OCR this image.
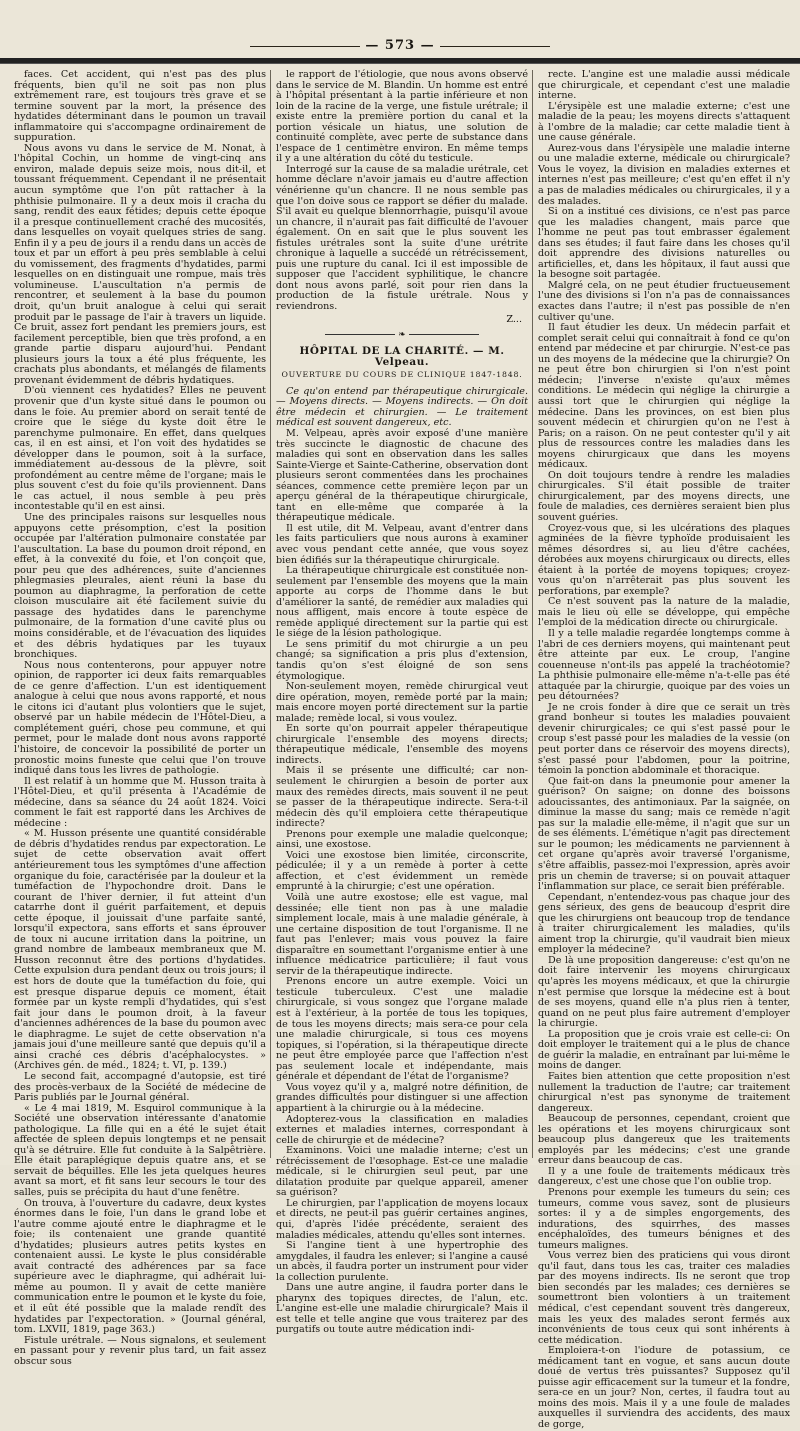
— 573 —

faces. Cet accident, qui n'est pas des plus fréquents, bien qu'il ne soit pas non plus extrêmement rare, est toujours très grave et se termine souvent par la mort, la présence des hydatides déterminant dans le poumon un travail inflammatoire qui s'accompagne ordinairement de suppuration.

Nous avons vu dans le service de M. Nonat, à l'hôpital Cochin, un homme de vingt-cinq ans environ, malade depuis seize mois, nous dit-il, et toussant fréquemment. Cependant il ne présentait aucun symptôme que l'on pût rattacher à la phthisie pulmonaire. Il y a deux mois il cracha du sang, rendit des eaux fétides; depuis cette époque il a presque continuellement craché des mucosités, dans lesquelles on voyait quelques stries de sang. Enfin il y a peu de jours il a rendu dans un accès de toux et par un effort à peu près semblable à celui du vomissement, des fragments d'hydatides, parmi lesquelles on en distinguait une rompue, mais très volumineuse. L'auscultation n'a permis de rencontrer, et seulement à la base du poumon droit, qu'un bruit analogue à celui qui serait produit par le passage de l'air à travers un liquide. Ce bruit, assez fort pendant les premiers jours, est facilement perceptible, bien que très profond, a en grande partie disparu aujourd'hui. Pendant plusieurs jours la toux a été plus fréquente, les crachats plus abondants, et mélangés de filaments provenant évidemment de débris hydatiques.

D'où viennent ces hydatides? Elles ne peuvent provenir que d'un kyste situé dans le poumon ou dans le foie. Au premier abord on serait tenté de croire que le siége du kyste doit être le parenchyme pulmonaire. En effet, dans quelques cas, il en est ainsi, et l'on voit des hydatides se développer dans le poumon, soit à la surface, immédiatement au-dessous de la plèvre, soit profondément au centre même de l'organe; mais le plus souvent c'est du foie qu'ils proviennent. Dans le cas actuel, il nous semble à peu près incontestable qu'il en est ainsi.

Une des principales raisons sur lesquelles nous appuyons cette présomption, c'est la position occupée par l'altération pulmonaire constatée par l'auscultation. La base du poumon droit répond, en effet, à la convexité du foie, et l'on conçoit que, pour peu que des adhérences, suite d'anciennes phlegmasies pleurales, aient réuni la base du poumon au diaphragme, la perforation de cette cloison musculaire ait été facilement suivie du passage des hydatides dans le parenchyme pulmonaire, de la formation d'une cavité plus ou moins considérable, et de l'évacuation des liquides et des débris hydatiques par les tuyaux bronchiques.

Nous nous contenterons, pour appuyer notre opinion, de rapporter ici deux faits remarquables de ce genre d'affection. L'un est identiquement analogue à celui que nous avons rapporté, et nous le citons ici d'autant plus volontiers que le sujet, observé par un habile médecin de l'Hôtel-Dieu, a complétement guéri, chose peu commune, et qui permet, pour le malade dont nous avons rapporté l'histoire, de concevoir la possibilité de porter un pronostic moins funeste que celui que l'on trouve indiqué dans tous les livres de pathologie.

Il est relatif à un homme que M. Husson traita à l'Hôtel-Dieu, et qu'il présenta à l'Académie de médecine, dans sa séance du 24 août 1824. Voici comment le fait est rapporté dans les Archives de médecine :

« M. Husson présente une quantité considérable de débris d'hydatides rendus par expectoration. Le sujet de cette observation avait offert antérieurement tous les symptômes d'une affection organique du foie, caractérisée par la douleur et la tuméfaction de l'hypochondre droit. Dans le courant de l'hiver dernier, il fut atteint d'un catarrhe dont il guérit parfaitement, et depuis cette époque, il jouissait d'une parfaite santé, lorsqu'il expectora, sans efforts et sans éprouver de toux ni aucune irritation dans la poitrine, un grand nombre de lambeaux membraneux que M. Husson reconnut être des portions d'hydatides. Cette expulsion dura pendant deux ou trois jours; il est hors de doute que la tuméfaction du foie, qui est presque disparue depuis ce moment, était formée par un kyste rempli d'hydatides, qui s'est fait jour dans le poumon droit, à la faveur d'anciennes adhérences de la base du poumon avec le diaphragme. Le sujet de cette observation n'a jamais joui d'une meilleure santé que depuis qu'il a ainsi craché ces débris d'acéphalocystes. » (Archives gén. de méd., 1824; t. VI, p. 139.)

Le second fait, accompagné d'autopsie, est tiré des procès-verbaux de la Société de médecine de Paris publiés par le Journal général.

« Le 4 mai 1819, M. Esquirol communique à la Société une observation intéressante d'anatomie pathologique. La fille qui en a été le sujet était affectée de spleen depuis longtemps et ne pensait qu'à se détruire. Elle fut conduite à la Salpêtrière. Elle était paraplégique depuis quatre ans, et se servait de béquilles. Elle les jeta quelques heures avant sa mort, et fit sans leur secours le tour des salles, puis se précipita du haut d'une fenêtre.

On trouva, à l'ouverture du cadavre, deux kystes énormes dans le foie, l'un dans le grand lobe et l'autre comme ajouté entre le diaphragme et le foie; ils contenaient une grande quantité d'hydatides; plusieurs autres petits kystes en contenaient aussi. Le kyste le plus considérable avait contracté des adhérences par sa face supérieure avec le diaphragme, qui adhérait lui-même au poumon. Il y avait de cette manière communication entre le poumon et le kyste du foie, et il eût été possible que la malade rendît des hydatides par l'expectoration. » (Journal général, tom. LXVII, 1819, page 363.)

Fistule urétrale. — Nous signalons, et seulement en passant pour y revenir plus tard, un fait assez obscur sous

le rapport de l'étiologie, que nous avons observé dans le service de M. Blandin. Un homme est entré à l'hôpital présentant à la partie inférieure et non loin de la racine de la verge, une fistule urétrale; il existe entre la première portion du canal et la portion vésicale un hiatus, une solution de continuité complète, avec perte de substance dans l'espace de 1 centimètre environ. En même temps il y a une altération du côté du testicule.

Interrogé sur la cause de sa maladie urétrale, cet homme déclare n'avoir jamais eu d'autre affection vénérienne qu'un chancre. Il ne nous semble pas que l'on doive sous ce rapport se défier du malade. S'il avait eu quelque blennorrhagie, puisqu'il avoue un chancre, il n'aurait pas fait difficulté de l'avouer également. On en sait que le plus souvent les fistules urétrales sont la suite d'une urétrite chronique à laquelle a succédé un rétrécissement, puis une rupture du canal. Ici il est impossible de supposer que l'accident syphilitique, le chancre dont nous avons parlé, soit pour rien dans la production de la fistule urétrale. Nous y reviendrons.

Z...
❧
HÔPITAL DE LA CHARITÉ. — M. Velpeau.
OUVERTURE DU COURS DE CLINIQUE 1847-1848.

Ce qu'on entend par thérapeutique chirurgicale. — Moyens directs. — Moyens indirects. — On doit être médecin et chirurgien. — Le traitement médical est souvent dangereux, etc.

M. Velpeau, après avoir exposé d'une manière très succincte le diagnostic de chacune des maladies qui sont en observation dans les salles Sainte-Vierge et Sainte-Catherine, observation dont plusieurs seront commentées dans les prochaines séances, commence cette première leçon par un aperçu général de la thérapeutique chirurgicale, tant en elle-même que comparée à la thérapeutique médicale.

Il est utile, dit M. Velpeau, avant d'entrer dans les faits particuliers que nous aurons à examiner avec vous pendant cette année, que vous soyez bien édifiés sur la thérapeutique chirurgicale.

La thérapeutique chirurgicale est constituée non-seulement par l'ensemble des moyens que la main apporte au corps de l'homme dans le but d'améliorer la santé, de remédier aux maladies qui nous affligent, mais encore à toute espèce de remède appliqué directement sur la partie qui est le siége de la lésion pathologique.

Le sens primitif du mot chirurgie a un peu changé; sa signification a pris plus d'extension, tandis qu'on s'est éloigné de son sens étymologique.

Non-seulement moyen, remède chirurgical veut dire opération, moyen, remède porté par la main; mais encore moyen porté directement sur la partie malade; remède local, si vous voulez.

En sorte qu'on pourrait appeler thérapeutique chirurgicale l'ensemble des moyens directs; thérapeutique médicale, l'ensemble des moyens indirects.

Mais il se présente une difficulté; car non-seulement le chirurgien a besoin de porter aux maux des remèdes directs, mais souvent il ne peut se passer de la thérapeutique indirecte. Sera-t-il médecin dès qu'il emploiera cette thérapeutique indirecte?

Prenons pour exemple une maladie quelconque; ainsi, une exostose.

Voici une exostose bien limitée, circonscrite, pédiculée; il y a un remède à porter à cette affection, et c'est évidemment un remède emprunté à la chirurgie; c'est une opération.

Voilà une autre exostose; elle est vague, mal dessinée; elle tient non pas à une maladie simplement locale, mais à une maladie générale, à une certaine disposition de tout l'organisme. Il ne faut pas l'enlever; mais vous pouvez la faire disparaître en soumettant l'organisme entier à une influence médicatrice particulière; il faut vous servir de la thérapeutique indirecte.

Prenons encore un autre exemple. Voici un testicule tuberculeux. C'est une maladie chirurgicale, si vous songez que l'organe malade est à l'extérieur, à la portée de tous les topiques, de tous les moyens directs; mais sera-ce pour cela une maladie chirurgicale, si tous ces moyens topiques, si l'opération, si la thérapeutique directe ne peut être employée parce que l'affection n'est pas seulement locale et indépendante, mais générale et dépendant de l'état de l'organisme?

Vous voyez qu'il y a, malgré notre définition, de grandes difficultés pour distinguer si une affection appartient à la chirurgie ou à la médecine.

Adopterez-vous la classification en maladies externes et maladies internes, correspondant à celle de chirurgie et de médecine?

Examinons. Voici une maladie interne; c'est un rétrécissement de l'œsophage. Est-ce une maladie médicale, si le chirurgien seul peut, par une dilatation produite par quelque appareil, amener sa guérison?

Le chirurgien, par l'application de moyens locaux et directs, ne peut-il pas guérir certaines angines, qui, d'après l'idée précédente, seraient des maladies médicales, attendu qu'elles sont internes.

Si l'angine tient à une hypertrophie des amygdales, il faudra les enlever; si l'angine a causé un abcès, il faudra porter un instrument pour vider la collection purulente.

Dans une autre angine, il faudra porter dans le pharynx des topiques directes, de l'alun, etc. L'angine est-elle une maladie chirurgicale? Mais il est telle et telle angine que vous traiterez par des purgatifs ou toute autre médication indi-

recte. L'angine est une maladie aussi médicale que chirurgicale, et cependant c'est une maladie interne.

L'érysipèle est une maladie externe; c'est une maladie de la peau; les moyens directs s'attaquent à l'ombre de la maladie; car cette maladie tient à une cause générale.

Aurez-vous dans l'érysipèle une maladie interne ou une maladie externe, médicale ou chirurgicale? Vous le voyez, la division en maladies externes et internes n'est pas meilleure; c'est qu'en effet il n'y a pas de maladies médicales ou chirurgicales, il y a des malades.

Si on a institué ces divisions, ce n'est pas parce que les maladies changent, mais parce que l'homme ne peut pas tout embrasser également dans ses études; il faut faire dans les choses qu'il doit apprendre des divisions naturelles ou artificielles, et, dans les hôpitaux, il faut aussi que la besogne soit partagée.

Malgré cela, on ne peut étudier fructueusement l'une des divisions si l'on n'a pas de connaissances exactes dans l'autre; il n'est pas possible de n'en cultiver qu'une.

Il faut étudier les deux. Un médecin parfait et complet serait celui qui connaîtrait à fond ce qu'on entend par médecine et par chirurgie. N'est-ce pas un des moyens de la médecine que la chirurgie? On ne peut être bon chirurgien si l'on n'est point médecin; l'inverse n'existe qu'aux mêmes conditions. Le médecin qui néglige la chirurgie a aussi tort que le chirurgien qui néglige la médecine. Dans les provinces, on est bien plus souvent médecin et chirurgien qu'on ne l'est à Paris; on a raison. On ne peut contester qu'il y ait plus de ressources contre les maladies dans les moyens chirurgicaux que dans les moyens médicaux.

On doit toujours tendre à rendre les maladies chirurgicales. S'il était possible de traiter chirurgicalement, par des moyens directs, une foule de maladies, ces dernières seraient bien plus souvent guéries.

Croyez-vous que, si les ulcérations des plaques agminées de la fièvre typhoïde produisaient les mêmes désordres si, au lieu d'être cachées, dérobées aux moyens chirurgicaux ou directs, elles étaient à la portée de moyens topiques; croyez-vous qu'on n'arrêterait pas plus souvent les perforations, par exemple?

Ce n'est souvent pas la nature de la maladie, mais le lieu où elle se développe, qui empêche l'emploi de la médication directe ou chirurgicale.

Il y a telle maladie regardée longtemps comme à l'abri de ces derniers moyens, qui maintenant peut être atteinte par eux. Le croup, l'angine couenneuse n'ont-ils pas appelé la trachéotomie? La phthisie pulmonaire elle-même n'a-t-elle pas été attaquée par la chirurgie, quoique par des voies un peu détournées?

Je ne crois fonder à dire que ce serait un très grand bonheur si toutes les maladies pouvaient devenir chirurgicales; ce qui s'est passé pour le croup s'est passé pour les maladies de la vessie (on peut porter dans ce réservoir des moyens directs), s'est passé pour l'abdomen, pour la poitrine, témoin la ponction abdominale et thoracique.

Que fait-on dans la pneumonie pour amener la guérison? On saigne; on donne des boissons adoucissantes, des antimoniaux. Par la saignée, on diminue la masse du sang; mais ce remède n'agit pas sur la maladie elle-même, il n'agit que sur un de ses éléments. L'émétique n'agit pas directement sur le poumon; les médicaments ne parviennent à cet organe qu'après avoir traversé l'organisme, s'être affaiblis, passez-moi l'expression, après avoir pris un chemin de traverse; si on pouvait attaquer l'inflammation sur place, ce serait bien préférable.

Cependant, n'entendez-vous pas chaque jour des gens sérieux, des gens de beaucoup d'esprit dire que les chirurgiens ont beaucoup trop de tendance à traiter chirurgicalement les maladies, qu'ils aiment trop la chirurgie, qu'il vaudrait bien mieux employer la médecine?

De là une proposition dangereuse: c'est qu'on ne doit faire intervenir les moyens chirurgicaux qu'après les moyens médicaux, et que la chirurgie n'est permise que lorsque la médecine est à bout de ses moyens, quand elle n'a plus rien à tenter, quand on ne peut plus faire autrement d'employer la chirurgie.

La proposition que je crois vraie est celle-ci: On doit employer le traitement qui a le plus de chance de guérir la maladie, en entraînant par lui-même le moins de danger.

Faites bien attention que cette proposition n'est nullement la traduction de l'autre; car traitement chirurgical n'est pas synonyme de traitement dangereux.

Beaucoup de personnes, cependant, croient que les opérations et les moyens chirurgicaux sont beaucoup plus dangereux que les traitements employés par les médecins; c'est une grande erreur dans beaucoup de cas.

Il y a une foule de traitements médicaux très dangereux, c'est une chose que l'on oublie trop.

Prenons pour exemple les tumeurs du sein; ces tumeurs, comme vous savez, sont de plusieurs sortes: il y a de simples engorgements, des indurations, des squirrhes, des masses encéphaloïdes, des tumeurs bénignes et des tumeurs malignes.

Vous verrez bien des praticiens qui vous diront qu'il faut, dans tous les cas, traiter ces maladies par des moyens indirects. Ils ne seront que trop bien secondés par les malades; ces dernières se soumettront bien volontiers à un traitement médical, c'est cependant souvent très dangereux, mais les yeux des malades seront fermés aux inconvénients de tous ceux qui sont inhérents à cette médication.

Emploiera-t-on l'iodure de potassium, ce médicament tant en vogue, et sans aucun doute doué de vertus très puissantes? Supposez qu'il puisse agir efficacement sur la tumeur et la fondre, sera-ce en un jour? Non, certes, il faudra tout au moins des mois. Mais il y a une foule de malades auxquelles il surviendra des accidents, des maux de gorge,
